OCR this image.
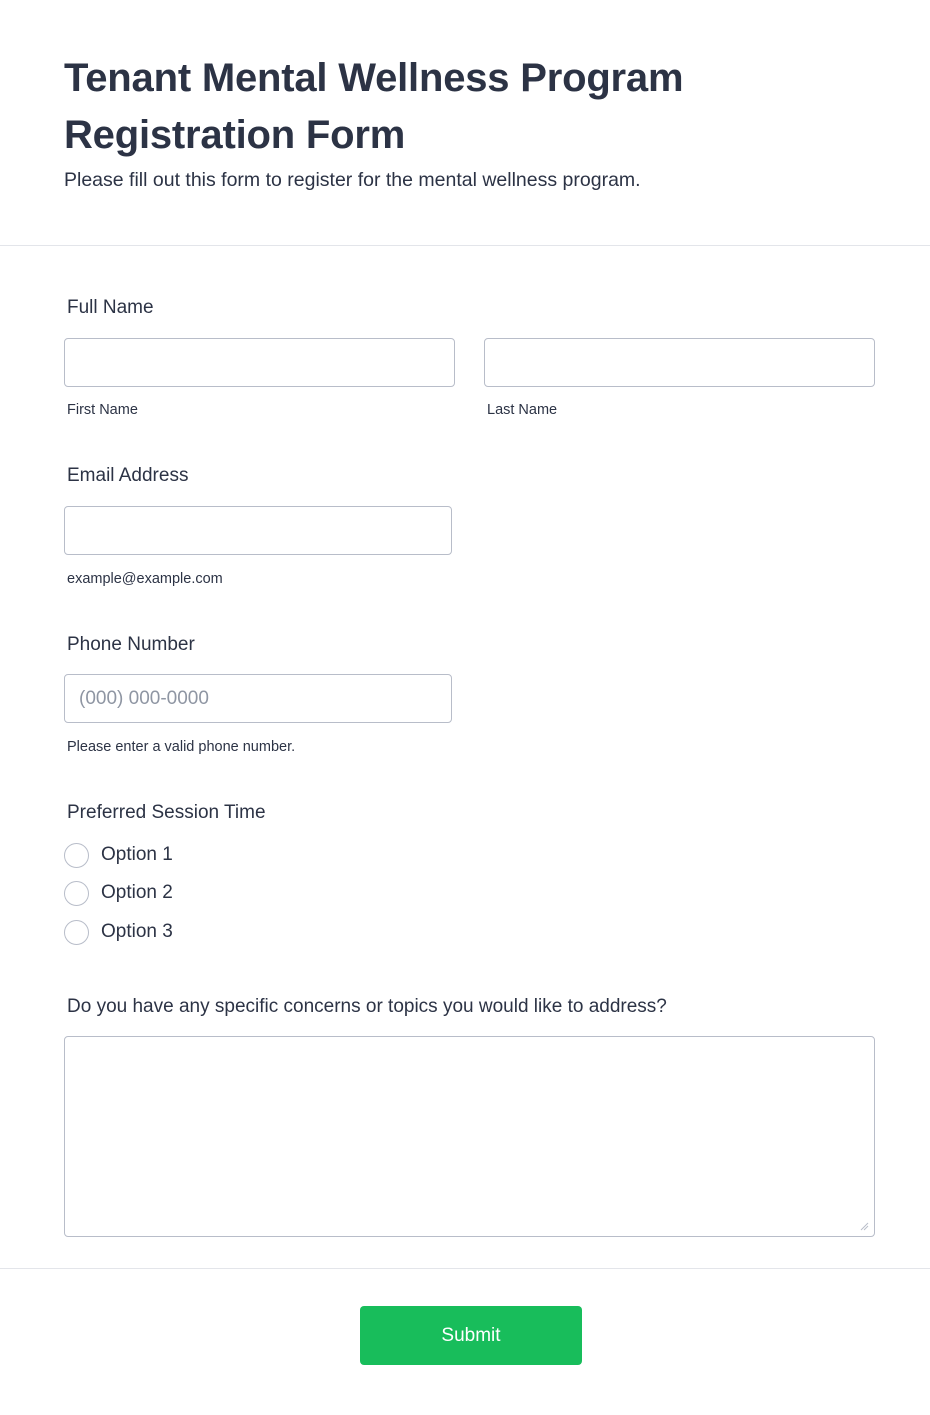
Tenant Mental Wellness Program Registration Form

Please fill out this form to register for the mental wellness program.

Full Name
First Name	Last Name
Email Address
example@example.com
Phone Number
(000) 000-0000
Please enter a valid phone number.
Preferred Session Time
Option 1
Option 2
Option 3
Do you have any specific concerns or topics you would like to address?
Submit
